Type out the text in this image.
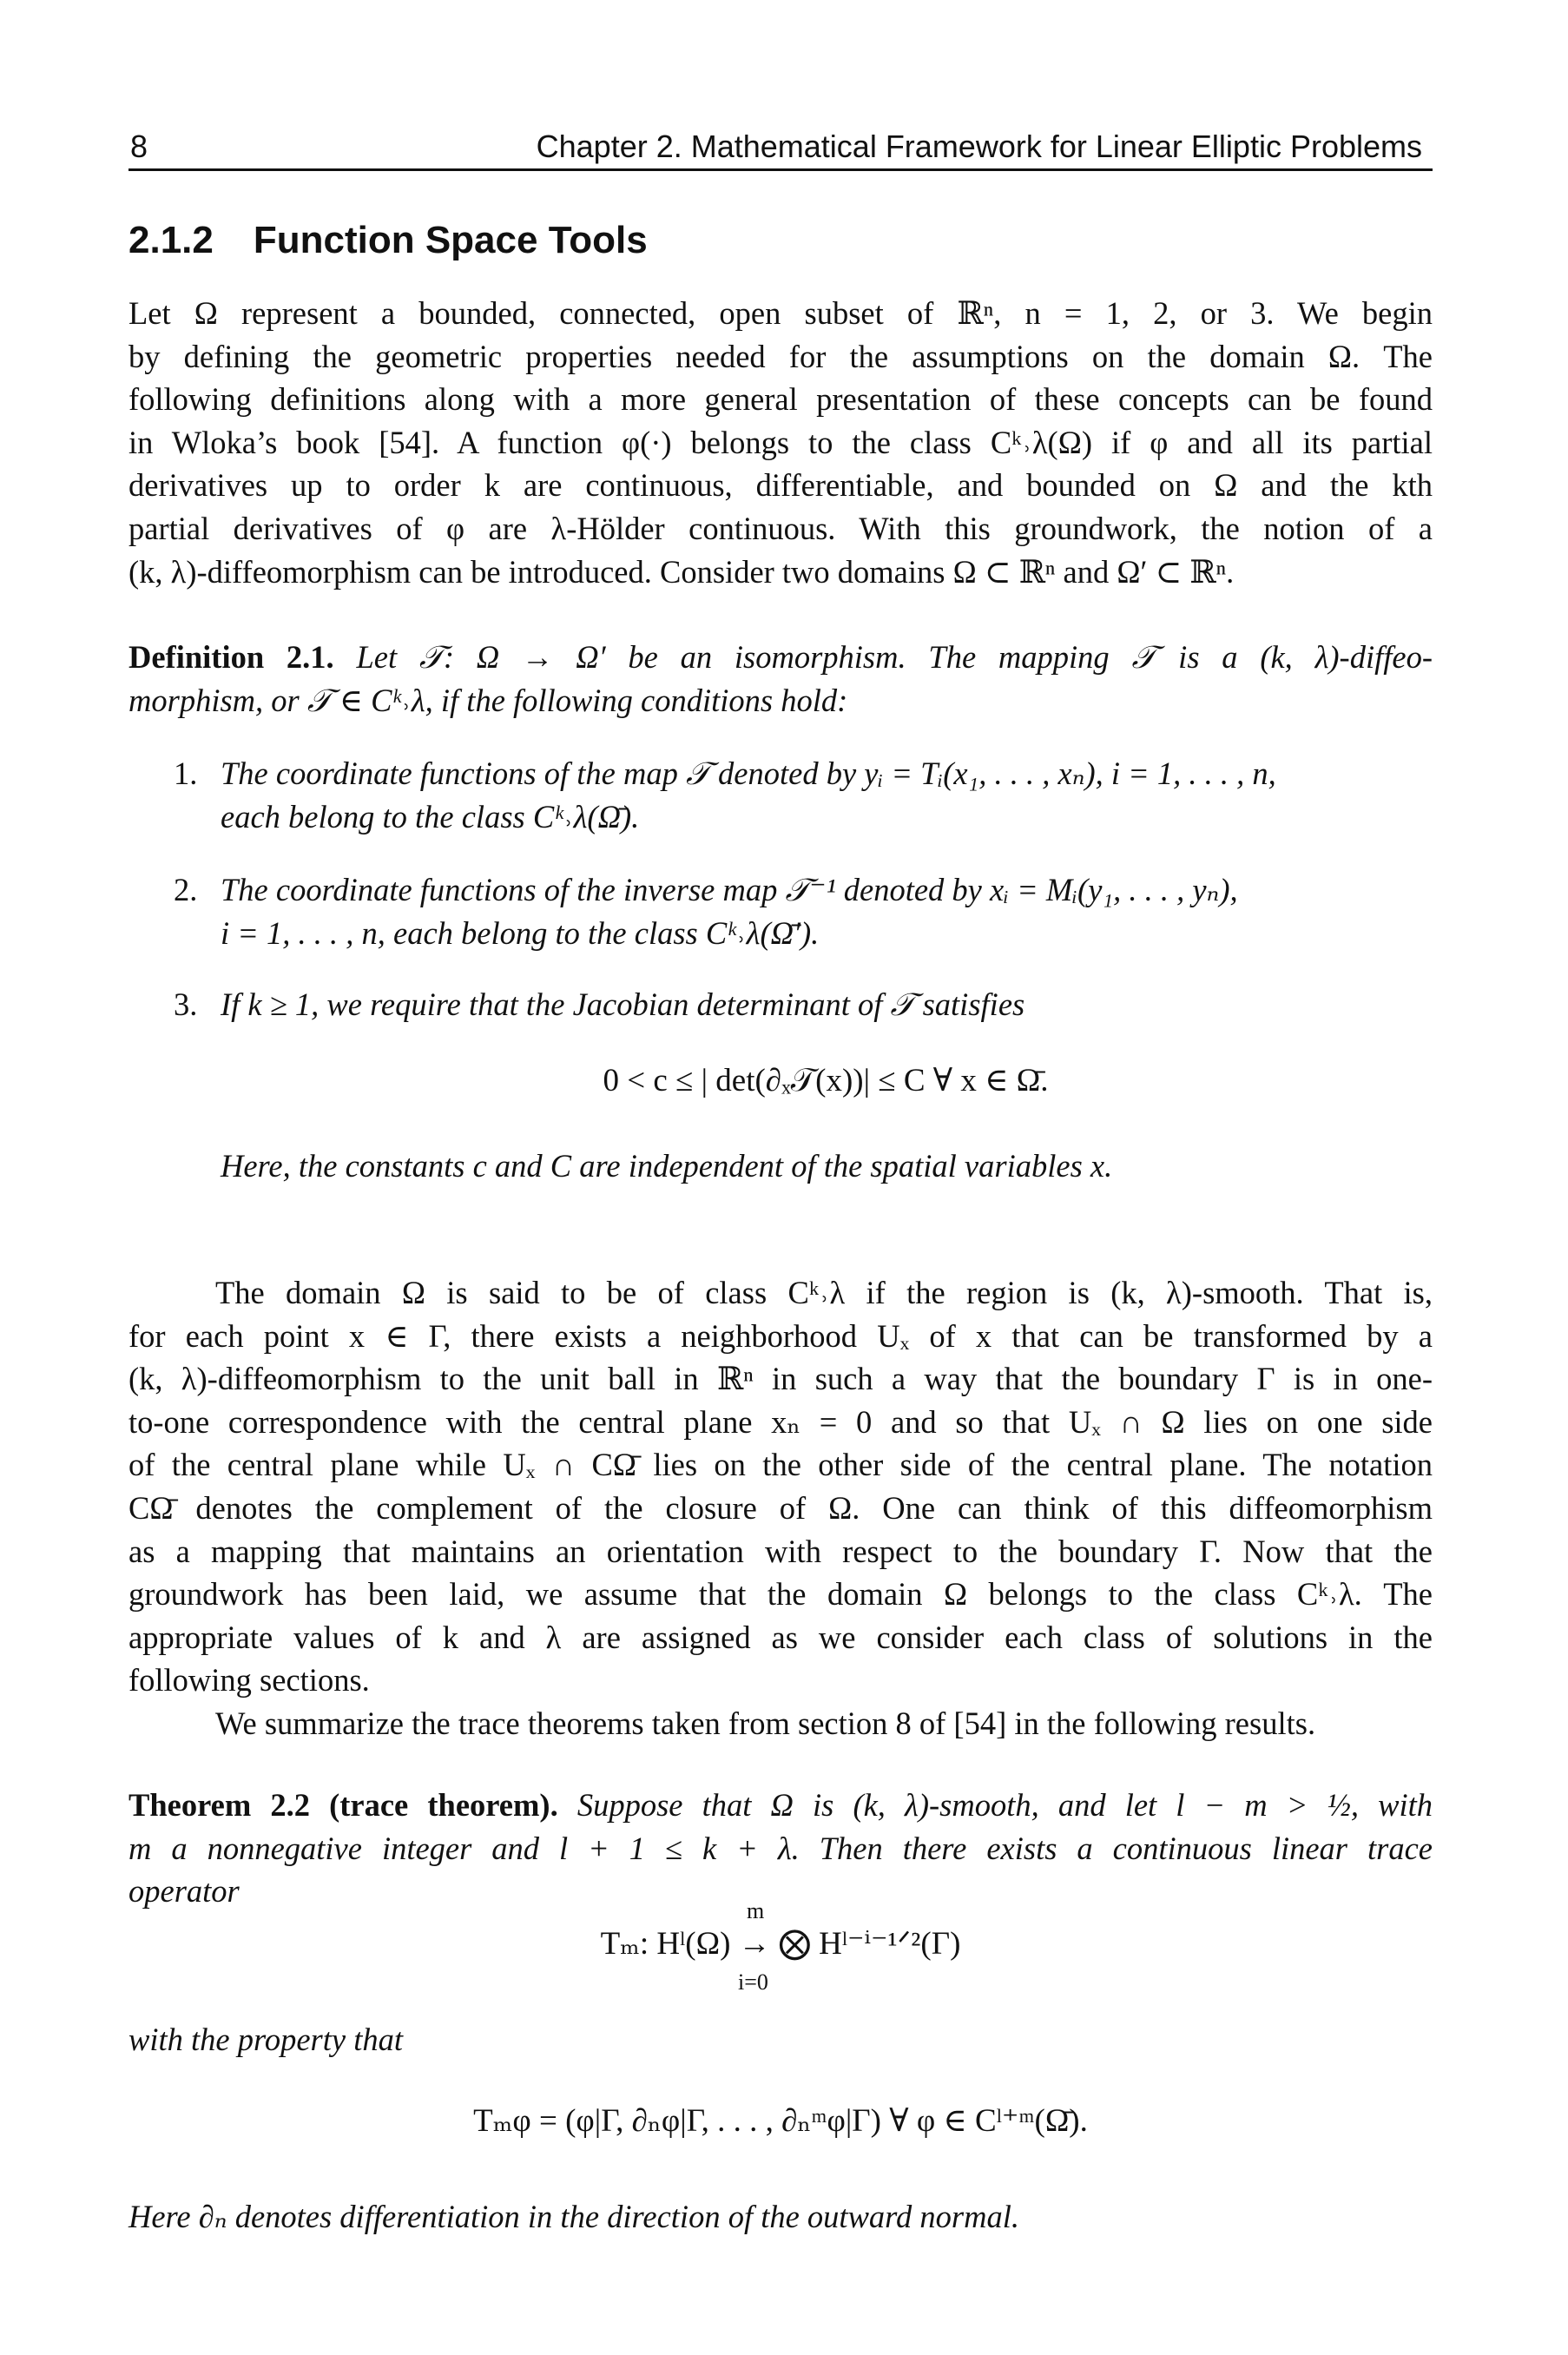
8	Chapter 2. Mathematical Framework for Linear Elliptic Problems
2.1.2 Function Space Tools

Let Ω represent a bounded, connected, open subset of ℝⁿ, n = 1, 2, or 3. We begin
by defining the geometric properties needed for the assumptions on the domain Ω. The
following definitions along with a more general presentation of these concepts can be found
in Wloka’s book [54]. A function φ(·) belongs to the class Cᵏ˒λ(Ω) if φ and all its partial
derivatives up to order k are continuous, differentiable, and bounded on Ω and the kth
partial derivatives of φ are λ-Hölder continuous. With this groundwork, the notion of a
(k, λ)-diffeomorphism can be introduced. Consider two domains Ω ⊂ ℝⁿ and Ω′ ⊂ ℝⁿ.

Definition 2.1. Let 𝒯: Ω → Ω′ be an isomorphism. The mapping 𝒯 is a (k, λ)-diffeo-
morphism, or 𝒯 ∈ Cᵏ˒λ, if the following conditions hold:

1. The coordinate functions of the map 𝒯 denoted by yᵢ = Tᵢ(x₁, . . . , xₙ), i = 1, . . . , n,
each belong to the class Cᵏ˒λ(Ω̄).
2. The coordinate functions of the inverse map 𝒯⁻¹ denoted by xᵢ = Mᵢ(y₁, . . . , yₙ),
i = 1, . . . , n, each belong to the class Cᵏ˒λ(Ω̄′).
3. If k ≥ 1, we require that the Jacobian determinant of 𝒯 satisfies
Here, the constants c and C are independent of the spatial variables x.
0 < c ≤ | det(∂ₓ𝒯(x))| ≤ C ∀ x ∈ Ω̄.

The domain Ω is said to be of class Cᵏ˒λ if the region is (k, λ)-smooth. That is,
for each point x ∈ Γ, there exists a neighborhood Uₓ of x that can be transformed by a
(k, λ)-diffeomorphism to the unit ball in ℝⁿ in such a way that the boundary Γ is in one-
to-one correspondence with the central plane xₙ = 0 and so that Uₓ ∩ Ω lies on one side
of the central plane while Uₓ ∩ CΩ̄ lies on the other side of the central plane. The notation
CΩ̄ denotes the complement of the closure of Ω. One can think of this diffeomorphism
as a mapping that maintains an orientation with respect to the boundary Γ. Now that the
groundwork has been laid, we assume that the domain Ω belongs to the class Cᵏ˒λ. The
appropriate values of k and λ are assigned as we consider each class of solutions in the
following sections.

We summarize the trace theorems taken from section 8 of [54] in the following results.

Theorem 2.2 (trace theorem). Suppose that Ω is (k, λ)-smooth, and let l − m > ½, with
m a nonnegative integer and l + 1 ≤ k + λ. Then there exists a continuous linear trace
operator

m
Tₘ: Hˡ(Ω) → ⨂ Hˡ⁻ⁱ⁻¹ᐟ²(Γ)
i=0

with the property that

Tₘφ = (φ|Γ, ∂ₙφ|Γ, . . . , ∂ₙᵐφ|Γ) ∀ φ ∈ Cˡ⁺ᵐ(Ω̄).

Here ∂ₙ denotes differentiation in the direction of the outward normal.
